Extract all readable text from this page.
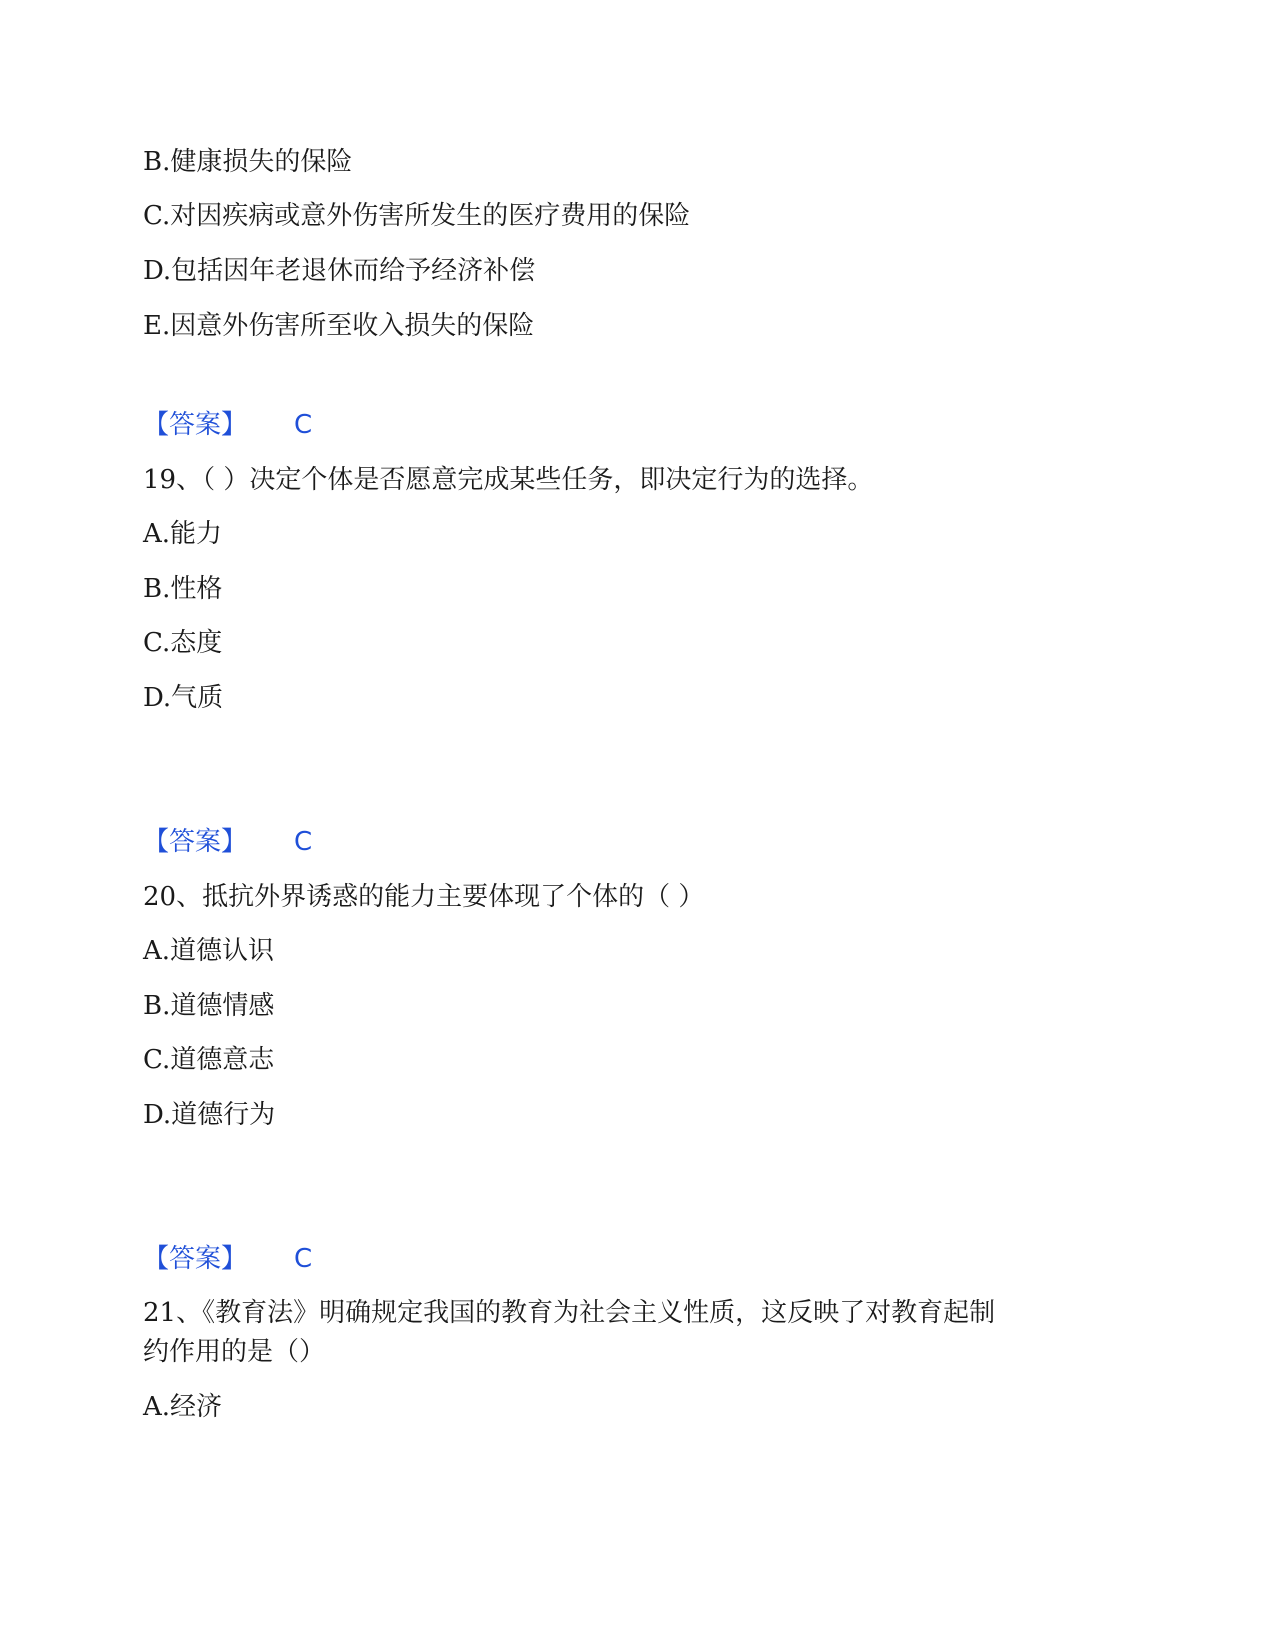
B.健康损失的保险
C.对因疾病或意外伤害所发生的医疗费用的保险
D.包括因年老退休而给予经济补偿
E.因意外伤害所至收入损失的保险
【答案】 C
19、（ ）决定个体是否愿意完成某些任务，即决定行为的选择。
A.能力
B.性格
C.态度
D.气质
【答案】 C
20、抵抗外界诱惑的能力主要体现了个体的（ ）
A.道德认识
B.道德情感
C.道德意志
D.道德行为
【答案】 C
21、《教育法》明确规定我国的教育为社会主义性质，这反映了对教育起制
约作用的是（）
A.经济
